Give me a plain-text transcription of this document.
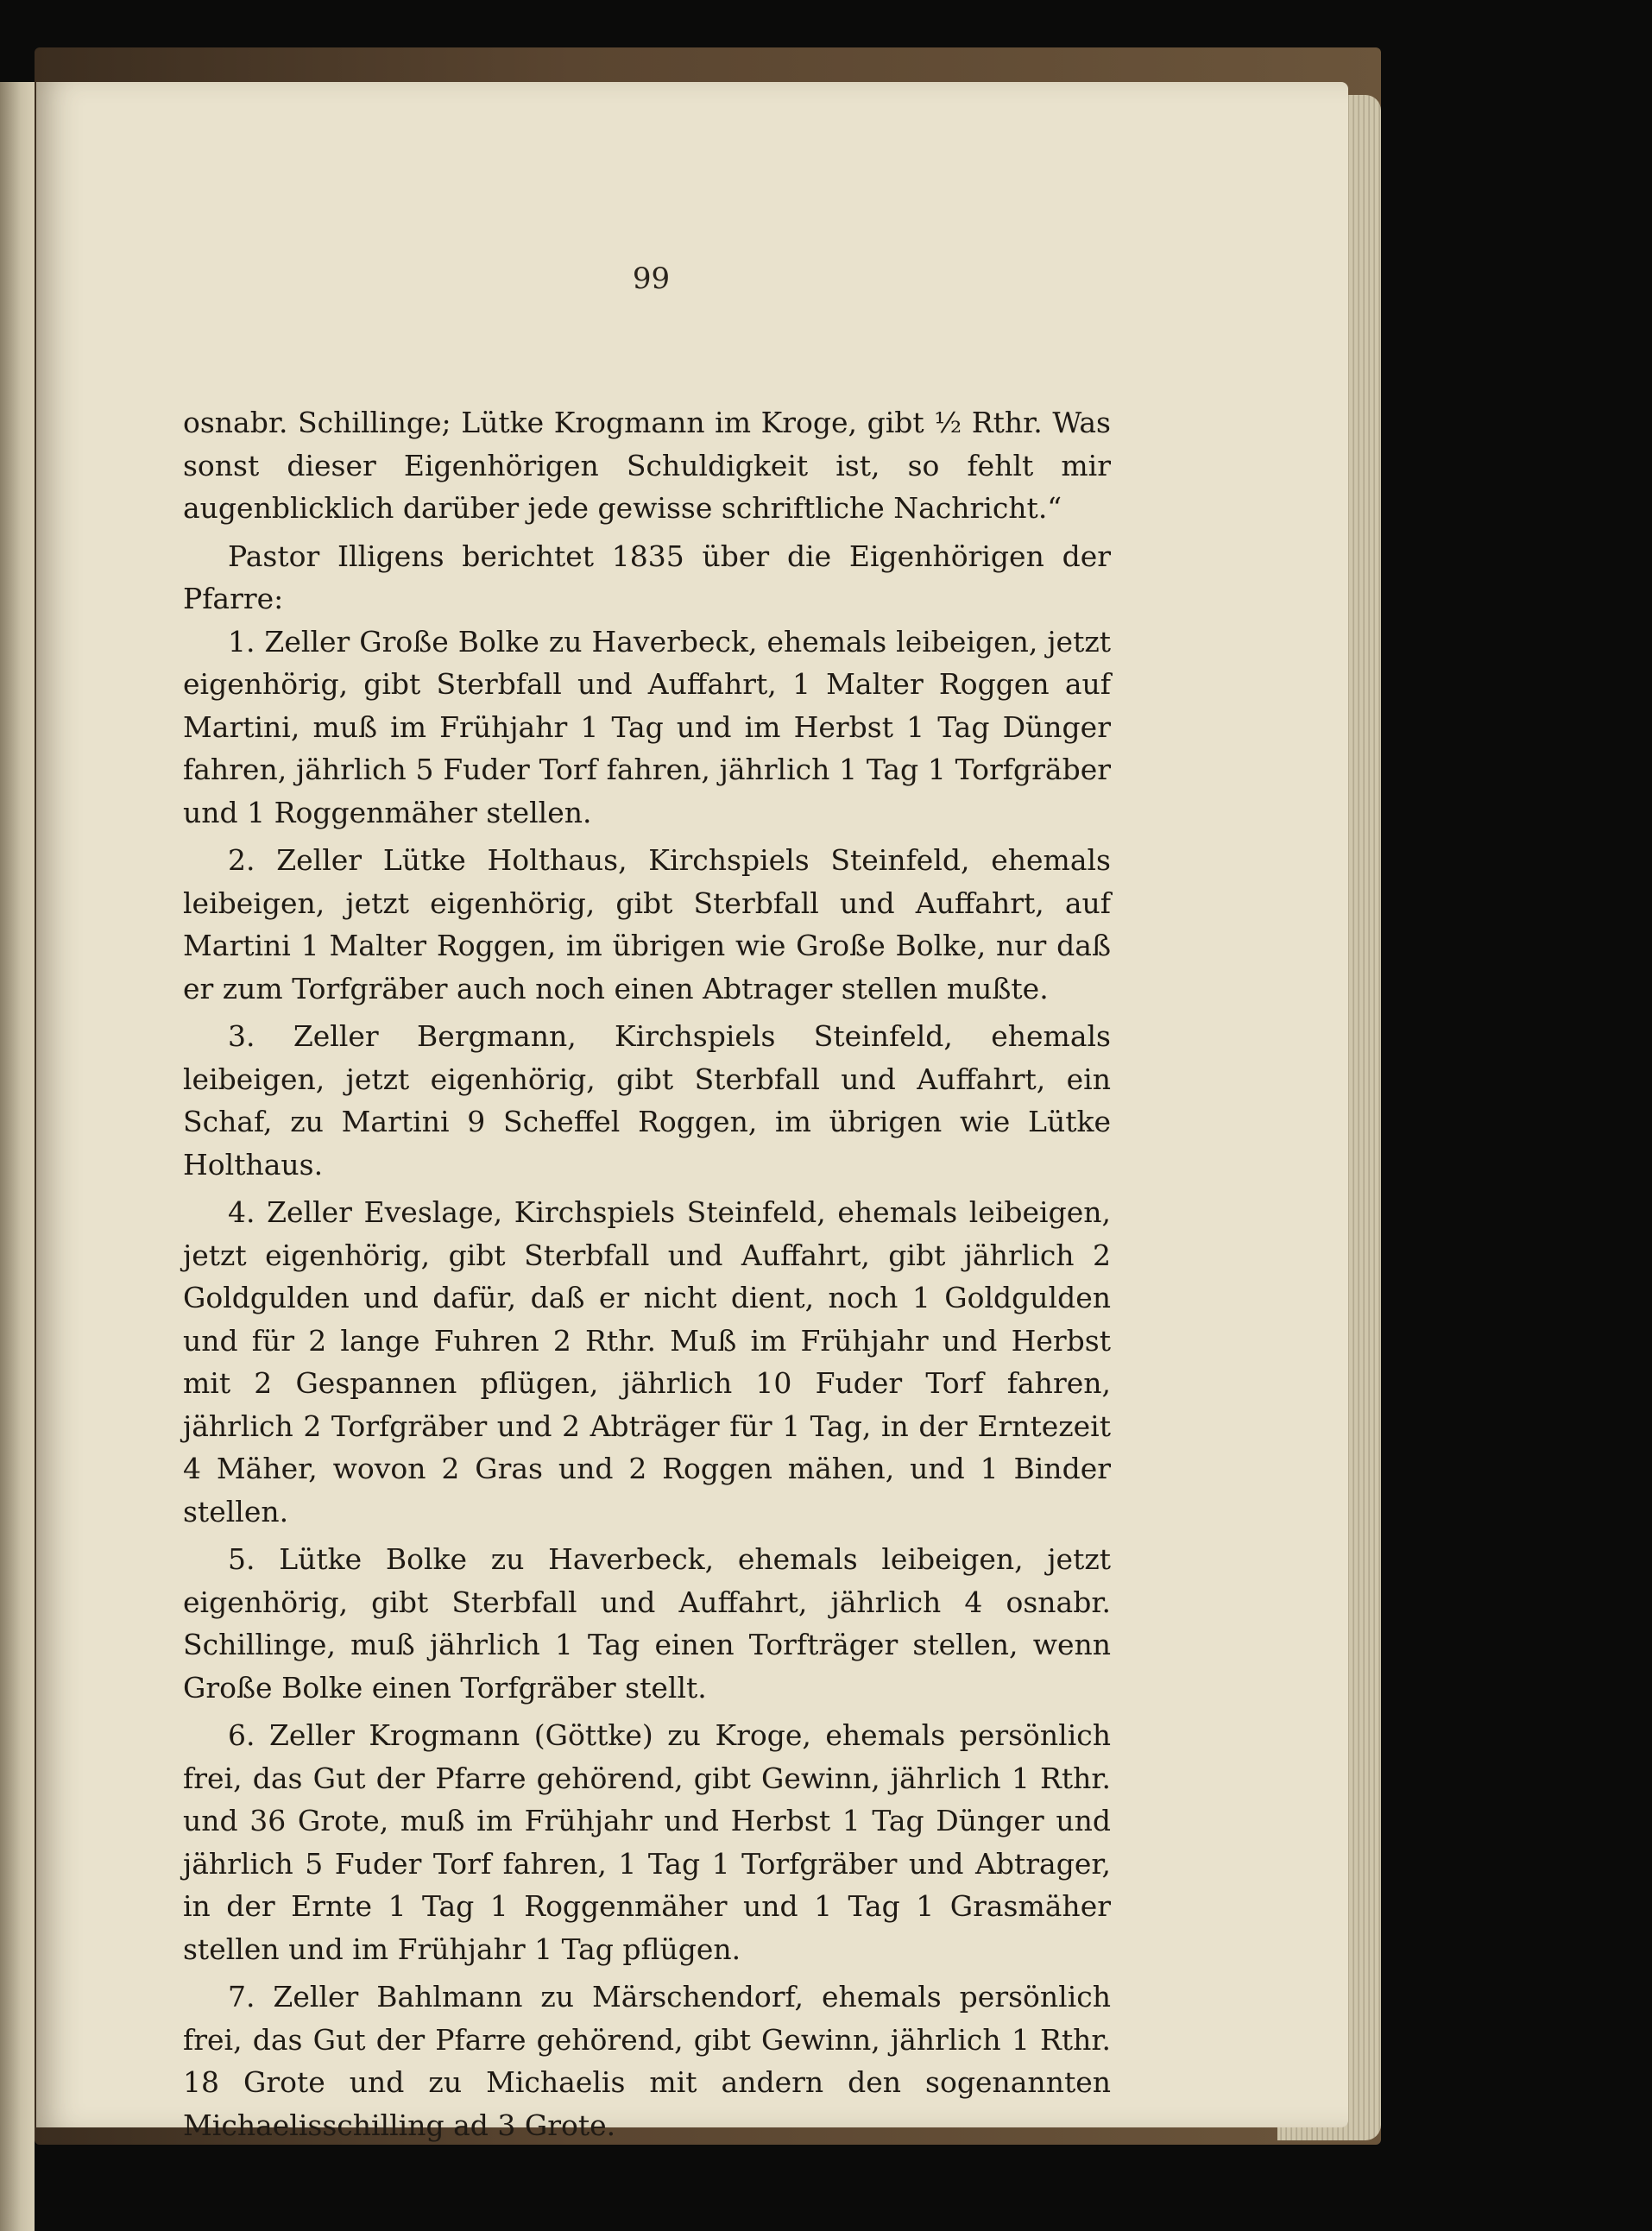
99

osnabr. Schillinge; Lütke Krogmann im Kroge, gibt ½ Rthr. Was sonst dieser Eigenhörigen Schuldigkeit ist, so fehlt mir augenblicklich darüber jede gewisse schriftliche Nachricht.“

Pastor Illigens berichtet 1835 über die Eigenhörigen der Pfarre:

1. Zeller Große Bolke zu Haverbeck, ehemals leibeigen, jetzt eigenhörig, gibt Sterbfall und Auffahrt, 1 Malter Roggen auf Martini, muß im Frühjahr 1 Tag und im Herbst 1 Tag Dünger fahren, jährlich 5 Fuder Torf fahren, jährlich 1 Tag 1 Torfgräber und 1 Roggenmäher stellen.

2. Zeller Lütke Holthaus, Kirchspiels Steinfeld, ehemals leibeigen, jetzt eigenhörig, gibt Sterbfall und Auffahrt, auf Martini 1 Malter Roggen, im übrigen wie Große Bolke, nur daß er zum Torfgräber auch noch einen Abtrager stellen mußte.

3. Zeller Bergmann, Kirchspiels Steinfeld, ehemals leibeigen, jetzt eigenhörig, gibt Sterbfall und Auffahrt, ein Schaf, zu Martini 9 Scheffel Roggen, im übrigen wie Lütke Holthaus.

4. Zeller Eveslage, Kirchspiels Steinfeld, ehemals leibeigen, jetzt eigenhörig, gibt Sterbfall und Auffahrt, gibt jährlich 2 Goldgulden und dafür, daß er nicht dient, noch 1 Goldgulden und für 2 lange Fuhren 2 Rthr. Muß im Frühjahr und Herbst mit 2 Gespannen pflügen, jährlich 10 Fuder Torf fahren, jährlich 2 Torfgräber und 2 Abträger für 1 Tag, in der Erntezeit 4 Mäher, wovon 2 Gras und 2 Roggen mähen, und 1 Binder stellen.

5. Lütke Bolke zu Haverbeck, ehemals leibeigen, jetzt eigenhörig, gibt Sterbfall und Auffahrt, jährlich 4 osnabr. Schillinge, muß jährlich 1 Tag einen Torfträger stellen, wenn Große Bolke einen Torfgräber stellt.

6. Zeller Krogmann (Göttke) zu Kroge, ehemals persönlich frei, das Gut der Pfarre gehörend, gibt Gewinn, jährlich 1 Rthr. und 36 Grote, muß im Frühjahr und Herbst 1 Tag Dünger und jährlich 5 Fuder Torf fahren, 1 Tag 1 Torfgräber und Abtrager, in der Ernte 1 Tag 1 Roggenmäher und 1 Tag 1 Grasmäher stellen und im Frühjahr 1 Tag pflügen.

7. Zeller Bahlmann zu Märschendorf, ehemals persönlich frei, das Gut der Pfarre gehörend, gibt Gewinn, jährlich 1 Rthr. 18 Grote und zu Michaelis mit andern den sogenannten Michaelisschilling ad 3 Grote.
